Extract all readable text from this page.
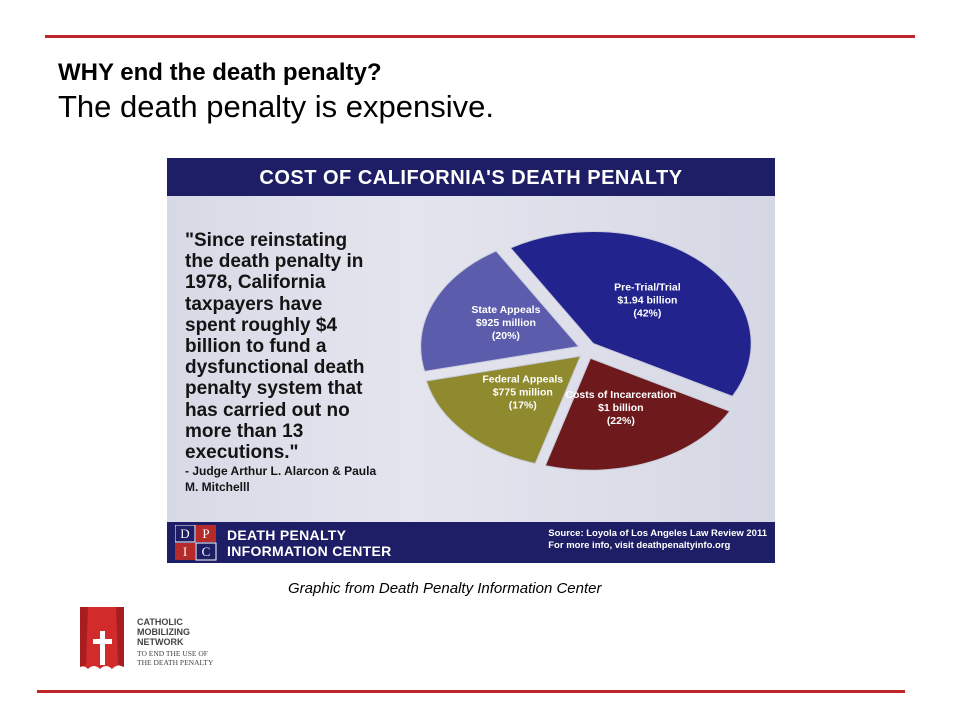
WHY end the death penalty?
The death penalty is expensive.
COST OF CALIFORNIA'S DEATH PENALTY
"Since reinstating
the death penalty in
1978, California
taxpayers have
spent roughly $4
billion to fund a
dysfunctional death
penalty system that
has carried out no
more than 13
executions."
- Judge Arthur L. Alarcon & Paula
M. Mitchelll
Pre-Trial/Trial
$1.94 billion
(42%)
Costs of Incarceration
$1 billion
(22%)
Federal Appeals
$775 million
(17%)
State Appeals
$925 million
(20%)
D P
I C
DEATH PENALTY
INFORMATION CENTER
Source: Loyola of Los Angeles Law Review 2011
For more info, visit deathpenaltyinfo.org
Graphic from Death Penalty Information Center
CATHOLIC
MOBILIZING
NETWORK
TO END THE USE OF
THE DEATH PENALTY
